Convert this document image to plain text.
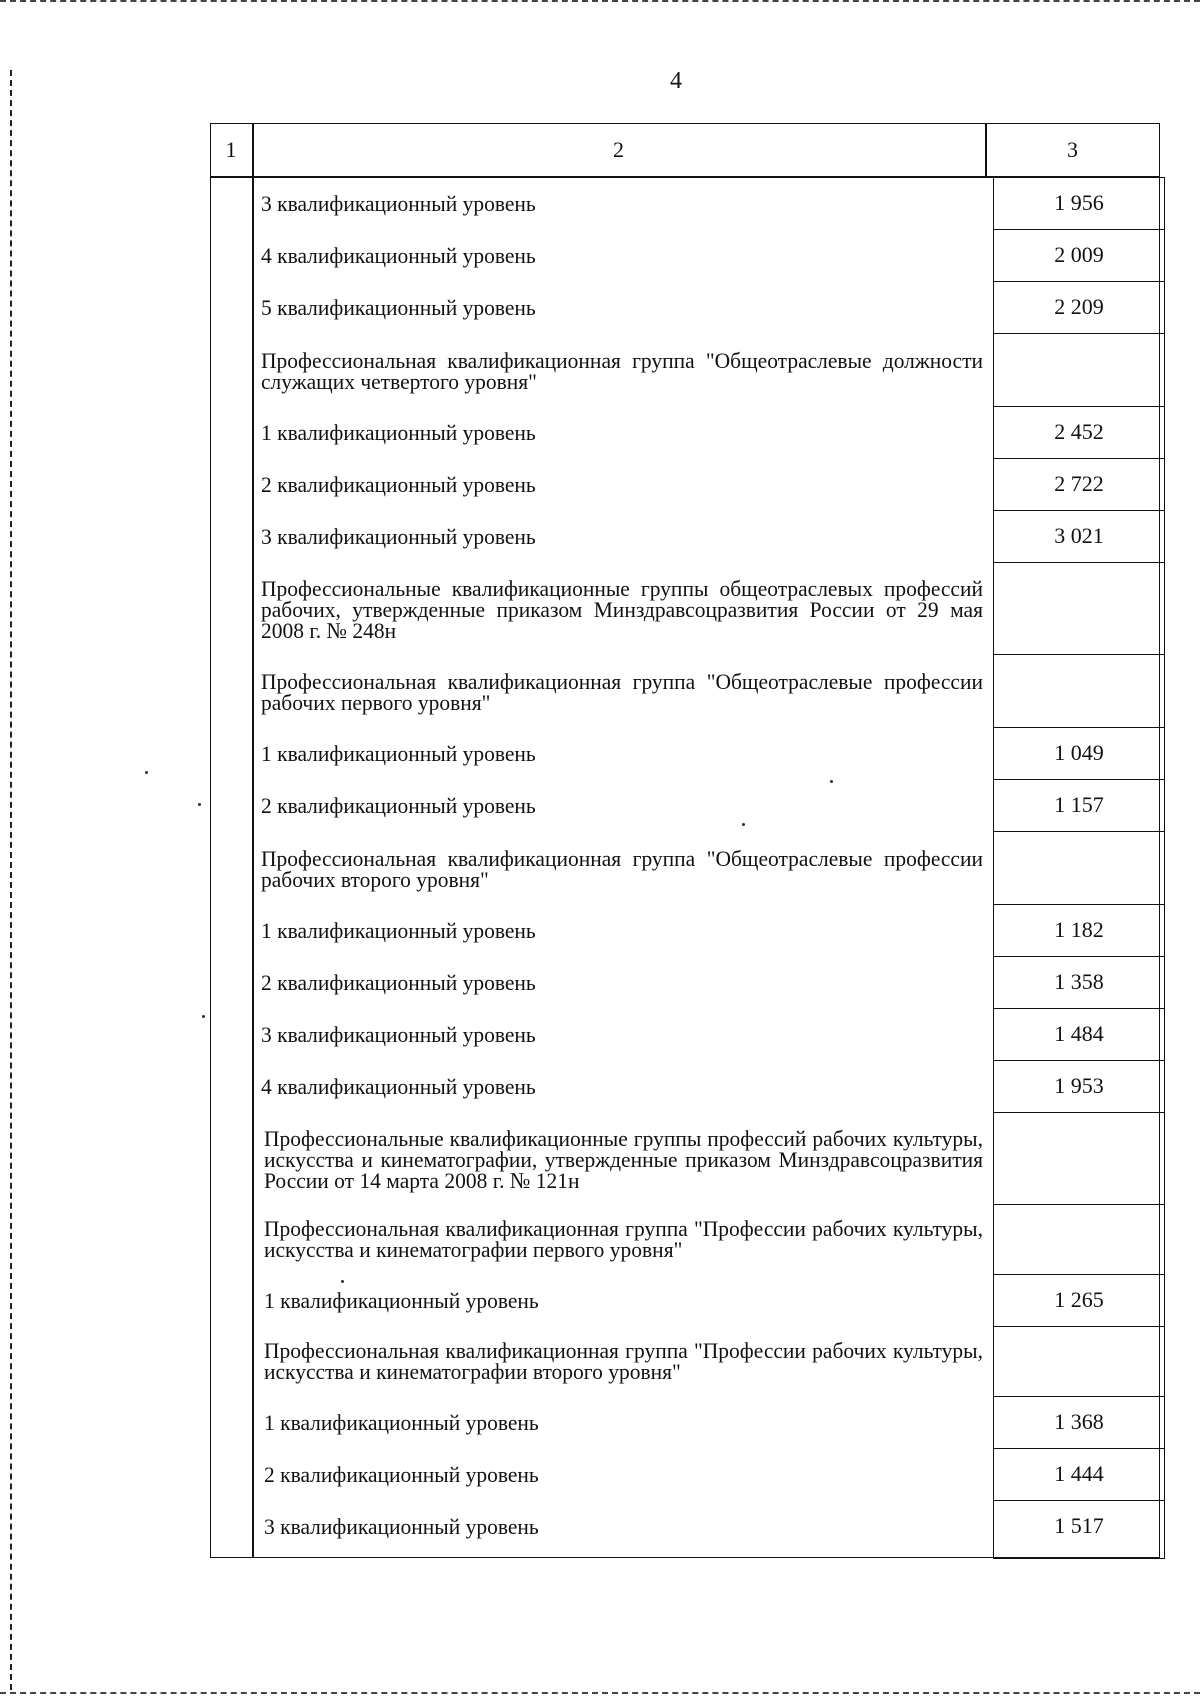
4
1	2	3
3 квалификационный уровень	1 956
4 квалификационный уровень	2 009
5 квалификационный уровень	2 209
Профессиональная квалификационная группа "Общеотраслевые должности служащих четвертого уровня"
1 квалификационный уровень	2 452
2 квалификационный уровень	2 722
3 квалификационный уровень	3 021
Профессиональные квалификационные группы общеотраслевых профессий рабочих, утвержденные приказом Минздравсоцразвития России от 29 мая 2008 г. № 248н
Профессиональная квалификационная группа "Общеотраслевые профессии рабочих первого уровня"
1 квалификационный уровень	1 049
2 квалификационный уровень	1 157
Профессиональная квалификационная группа "Общеотраслевые профессии рабочих второго уровня"
1 квалификационный уровень	1 182
2 квалификационный уровень	1 358
3 квалификационный уровень	1 484
4 квалификационный уровень	1 953
Профессиональные квалификационные группы профессий рабочих культуры, искусства и кинематографии, утвержденные приказом Минздравсоцразвития России от 14 марта 2008 г. № 121н
Профессиональная квалификационная группа "Профессии рабочих культуры, искусства и кинематографии первого уровня"
1 квалификационный уровень	1 265
Профессиональная квалификационная группа "Профессии рабочих культуры, искусства и кинематографии второго уровня"
1 квалификационный уровень	1 368
2 квалификационный уровень	1 444
3 квалификационный уровень	1 517
